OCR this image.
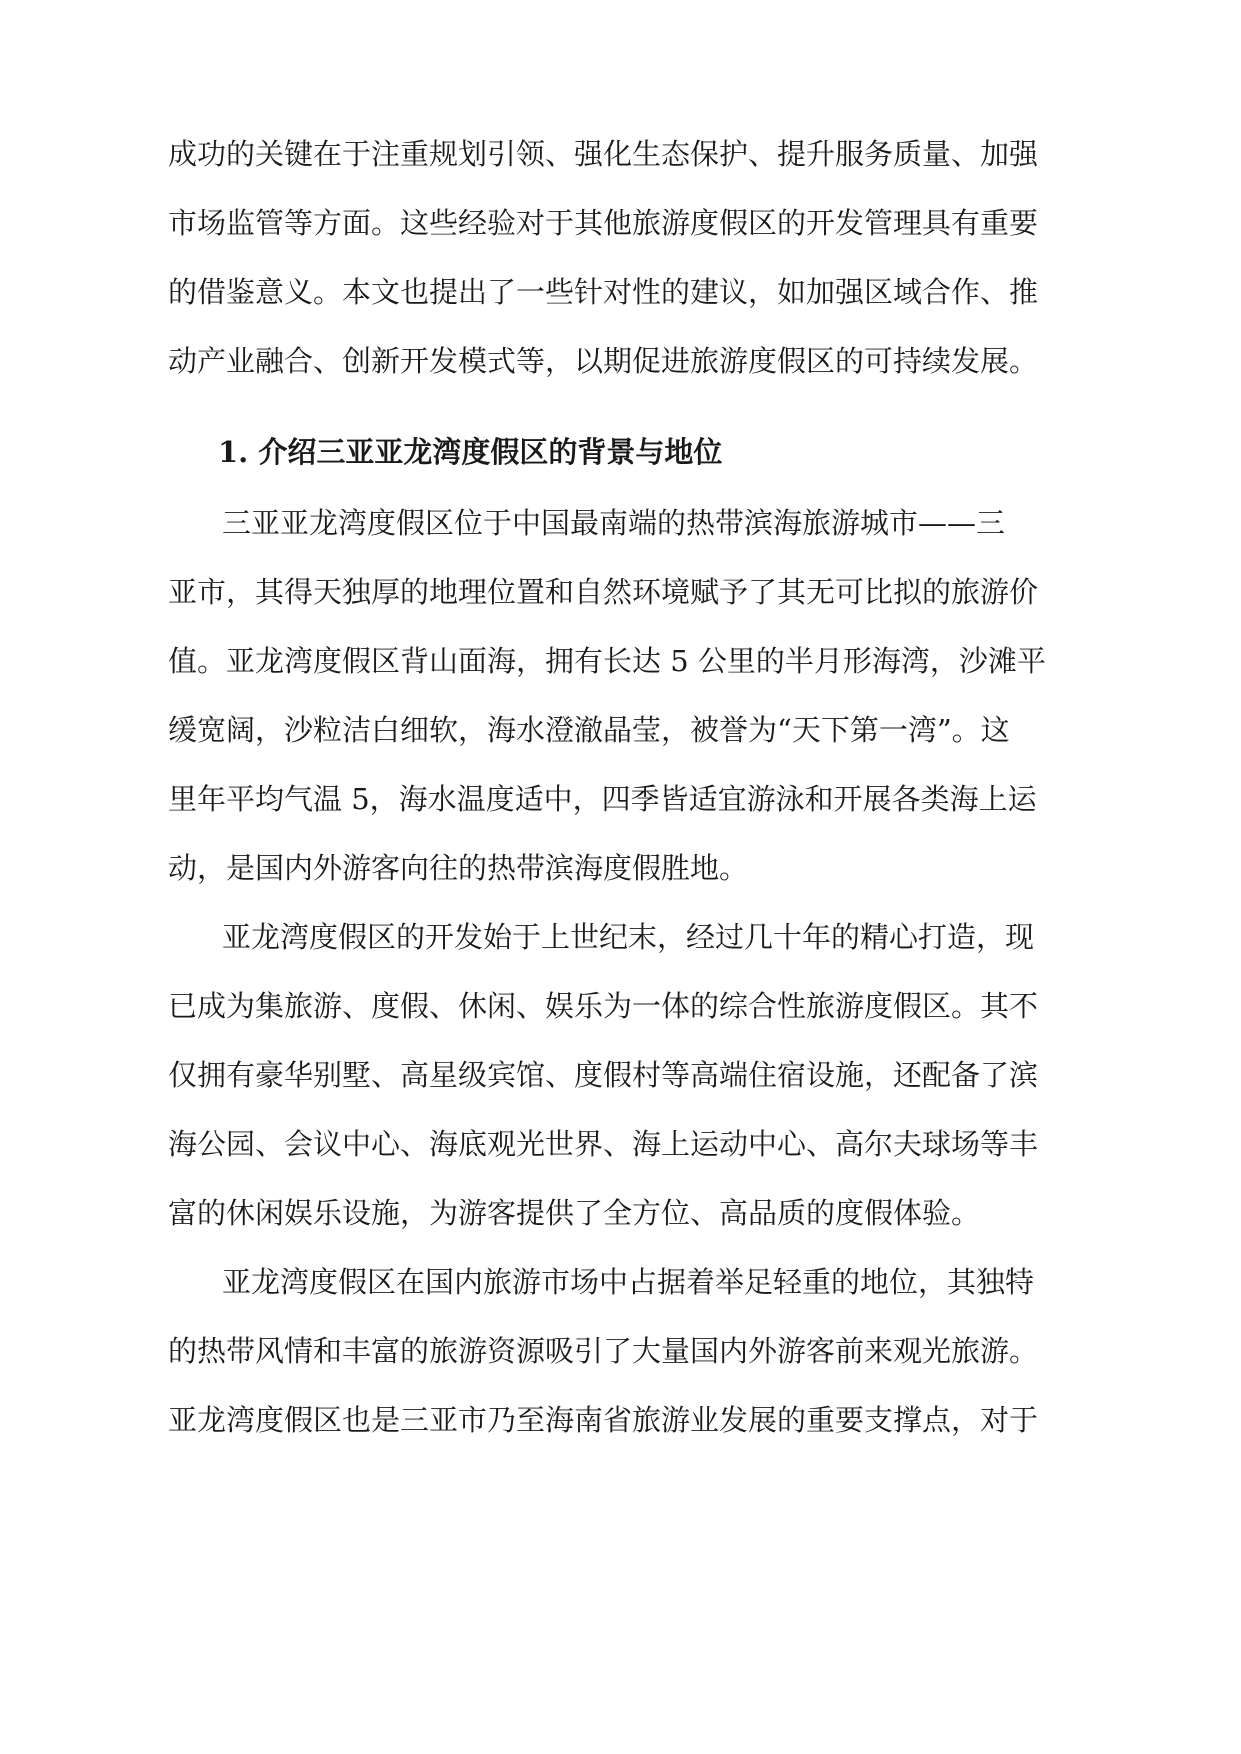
成功的关键在于注重规划引领、强化生态保护、提升服务质量、加强

市场监管等方面。这些经验对于其他旅游度假区的开发管理具有重要

的借鉴意义。本文也提出了一些针对性的建议，如加强区域合作、推

动产业融合、创新开发模式等，以期促进旅游度假区的可持续发展。

1. 介绍三亚亚龙湾度假区的背景与地位

三亚亚龙湾度假区位于中国最南端的热带滨海旅游城市——三

亚市，其得天独厚的地理位置和自然环境赋予了其无可比拟的旅游价

值。亚龙湾度假区背山面海，拥有长达 5 公里的半月形海湾，沙滩平

缓宽阔，沙粒洁白细软，海水澄澈晶莹，被誉为“天下第一湾”。这

里年平均气温 5，海水温度适中，四季皆适宜游泳和开展各类海上运

动，是国内外游客向往的热带滨海度假胜地。

亚龙湾度假区的开发始于上世纪末，经过几十年的精心打造，现

已成为集旅游、度假、休闲、娱乐为一体的综合性旅游度假区。其不

仅拥有豪华别墅、高星级宾馆、度假村等高端住宿设施，还配备了滨

海公园、会议中心、海底观光世界、海上运动中心、高尔夫球场等丰

富的休闲娱乐设施，为游客提供了全方位、高品质的度假体验。

亚龙湾度假区在国内旅游市场中占据着举足轻重的地位，其独特

的热带风情和丰富的旅游资源吸引了大量国内外游客前来观光旅游。

亚龙湾度假区也是三亚市乃至海南省旅游业发展的重要支撑点，对于
